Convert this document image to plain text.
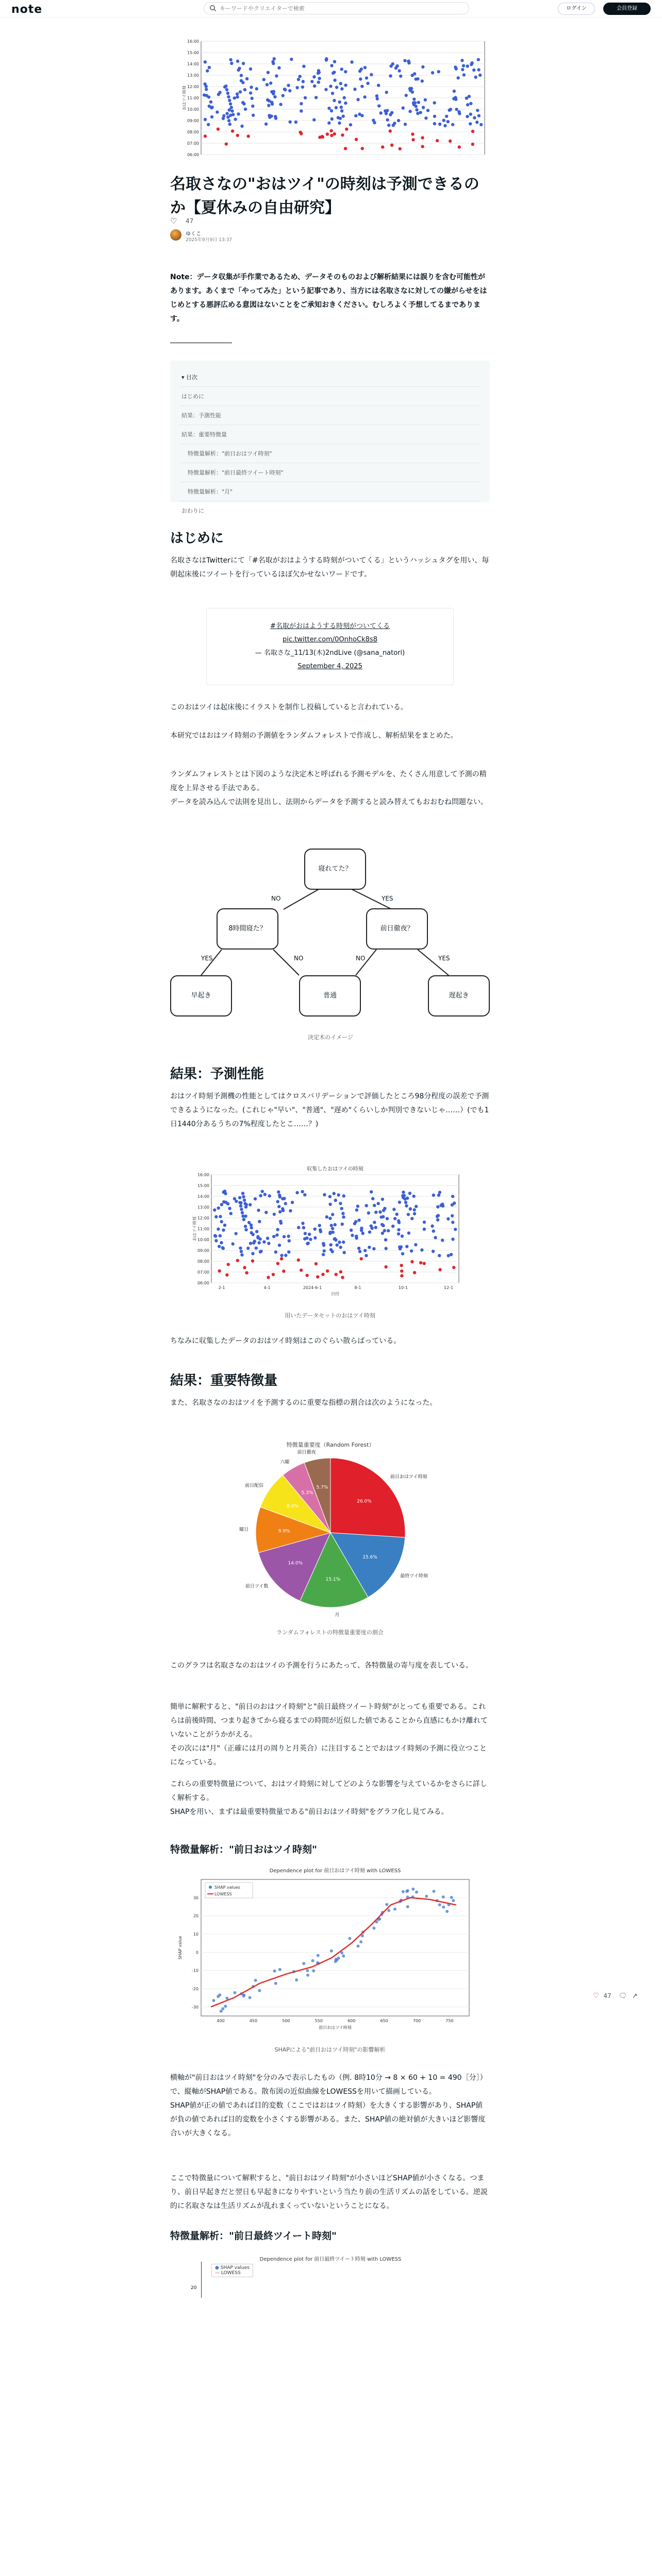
note
キーワードやクリエイターで検索	ログイン	会員登録
06:00
07:00
08:00
09:00
10:00
11:00
12:00
13:00
14:00
15:00
16:00
おはツイ時刻
名取さなの"おはツイ"の時刻は予測できるのか【夏休みの自由研究】
♡ 47
ゆくこ
2025年9月9日 13:37

Note：データ収集が手作業であるため、データそのものおよび解析結果には誤りを含む可能性があります。あくまで「やってみた」という記事であり、当方には名取さなに対しての嫌がらせをはじめとする悪評広める意図はないことをご承知おきください。むしろよく予想してるまであります。

▾ 目次
はじめに
結果：予測性能
結果：重要特徴量
特徴量解析："前日おはツイ時刻"
特徴量解析："前日最終ツイート時刻"
特徴量解析："月"
おわりに
はじめに

名取さなはTwitterにて「#名取がおはようする時刻がついてくる」というハッシュタグを用い、毎朝起床後にツイートを行っているほぼ欠かせないワードです。

#名取がおはようする時刻がついてくる

pic.twitter.com/0OnhoCk8s8

— 名取さな_11/13(木)2ndLive (@sana_natori)

September 4, 2025

このおはツイは起床後にイラストを制作し投稿していると言われている。

本研究ではおはツイ時刻の予測値をランダムフォレストで作成し、解析結果をまとめた。

ランダムフォレストとは下図のような決定木と呼ばれる予測モデルを、たくさん用意して予測の精度を上昇させる手法である。

データを読み込んで法則を見出し、法則からデータを予測すると読み替えてもおおむね問題ない。

寝れてた？
8時間寝た？	前日徹夜？
早起き	普通	遅起き
NO	YES
YES	NO	NO	YES
決定木のイメージ
結果：予測性能

おはツイ時刻予測機の性能としてはクロスバリデーションで評価したところ98分程度の誤差で予測できるようになった。(これじゃ"早い"、"普通"、"遅め"くらいしか判別できないじゃ……）(でも1日1440分あるうちの7%程度したとこ……？)

収集したおはツイの時刻
06:00
07:00
08:00
09:00
10:00
11:00
12:00
13:00
14:00
15:00
16:00
2-1	4-1	2024-6-1	8-1	10-1	12-1
おはツイ時刻
日付
用いたデータセットのおはツイ時刻

ちなみに収集したデータのおはツイ時刻はこのぐらい散らばっている。

結果：重要特徴量

また、名取さなのおはツイを予測するのに重要な指標の割合は次のようになった。

特徴量重要度（Random Forest）
26.0%
前日おはツイ時刻
15.6%
最終ツイ時刻
15.1%
月
14.0%
前日ツイ数
9.9%
曜日
8.4%
前日配信
5.3%
六曜
5.7%
前日徹夜
ランダムフォレストの特徴量重要度の割合

このグラフは名取さなのおはツイの予測を行うにあたって、各特徴量の寄与度を表している。

簡単に解釈すると、"前日のおはツイ時刻"と"前日最終ツイート時刻"がとっても重要である。これらは前後時間、つまり起きてから寝るまでの時間が近似した値であることから直感にもかけ離れていないことがうかがえる。

その次には"月"（正確には月の周りと月英合）に注目することでおはツイ時刻の予測に役立つことになっている。

これらの重要特徴量について、おはツイ時刻に対してどのような影響を与えているかをさらに詳しく解析する。

SHAPを用い、まずは最重要特徴量である"前日おはツイ時刻"をグラフ化し見てみる。

特徴量解析："前日おはツイ時刻"
Dependence plot for 前日おはツイ時刻 with LOWESS
-30
-20
-10
0
10
20
30
400	450	500	550	600	650	700	750
前日おはツイ時刻
SHAP value
SHAP values
LOWESS
SHAPによる"前日おはツイ時刻"の影響解析

横軸が"前日おはツイ時刻"を分のみで表示したもの（例. 8時10分 → 8 × 60 + 10 = 490［分］）で、縦軸がSHAP値である。散布図の近似曲線をLOWESSを用いて描画している。

SHAP値が正の値であれば目的変数（ここではおはツイ時刻）を大きくする影響があり、SHAP値が負の値であれば目的変数を小さくする影響がある。また、SHAP値の絶対値が大きいほど影響度合いが大きくなる。

ここで特徴量について解釈すると、"前日おはツイ時刻"が小さいほどSHAP値が小さくなる。つまり、前日早起きだと翌日も早起きになりやすいという当たり前の生活リズムの話をしている。逆説的に名取さなは生活リズムが乱れまくっていないということになる。

特徴量解析："前日最終ツイート時刻"
Dependence plot for 前日最終ツイート時刻 with LOWESS
● SHAP values
— LOWESS
20
♡ 47 🗨 ↗
